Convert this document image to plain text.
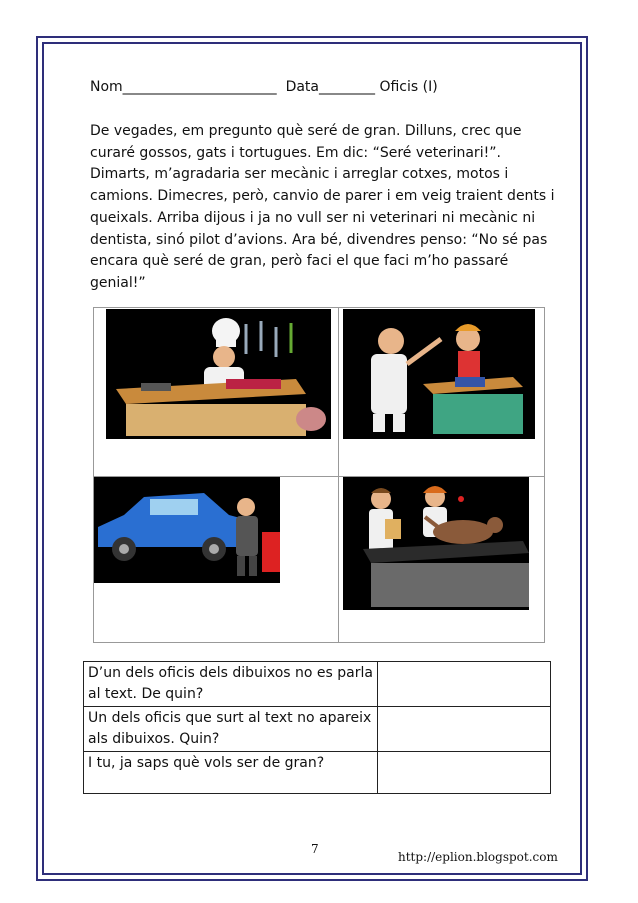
Nom______________________  Data________ Oficis (I)
De vegades, em pregunto què seré de gran. Dilluns, crec que
curaré gossos, gats i tortugues. Em dic: “Seré veterinari!”.
Dimarts, m’agradaria ser mecànic i arreglar cotxes, motos i
camions. Dimecres, però, canvio de parer i em veig traient dents i
queixals. Arriba dijous i ja no vull ser ni veterinari ni mecànic ni
dentista, sinó pilot d’avions. Ara bé, divendres penso: “No sé pas
encara què seré de gran, però faci el que faci m’ho passaré
genial!”
D’un dels oficis dels dibuixos no es parla al text. De quin?	
Un dels oficis que surt al text no apareix als dibuixos. Quin?	
I tu, ja saps què vols ser de gran?	
7
http://eplion.blogspot.com
